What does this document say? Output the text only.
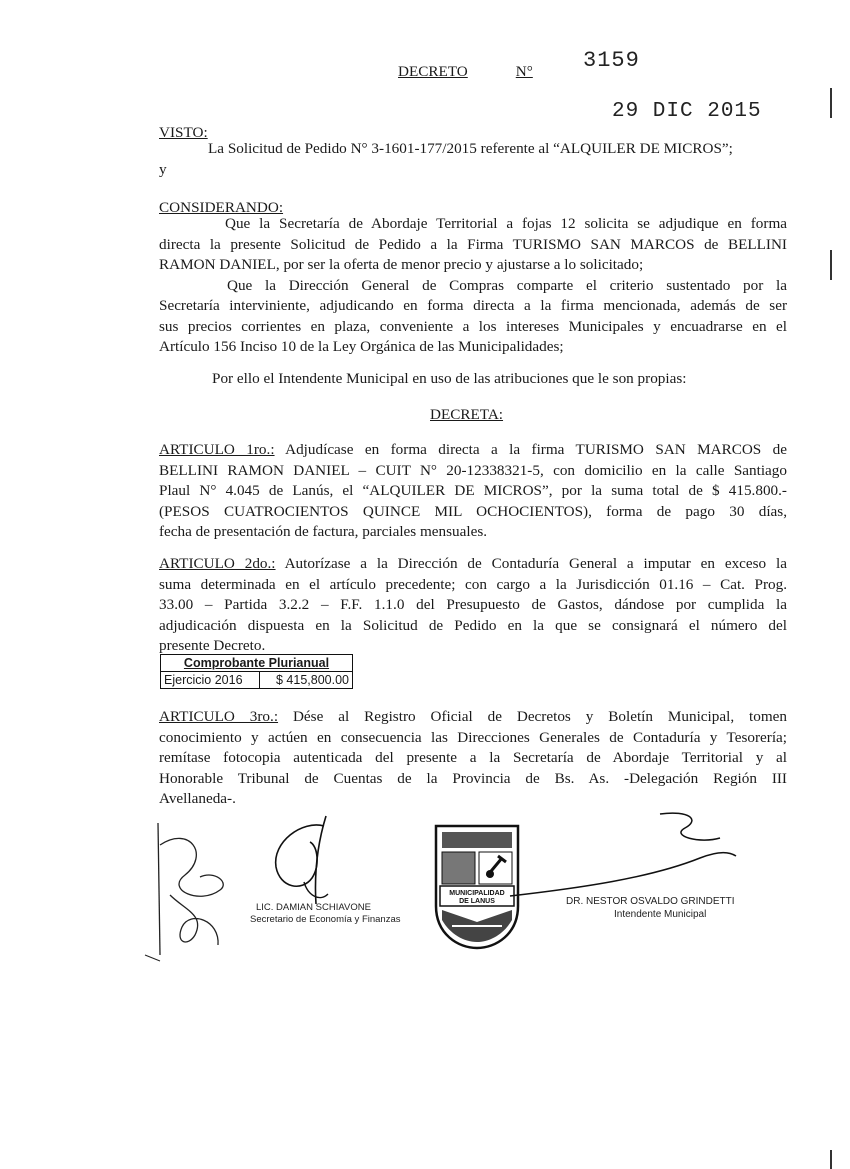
DECRETO	N° 3159
29 DIC 2015
VISTO:
La Solicitud de Pedido N° 3-1601-177/2015 referente al “ALQUILER DE MICROS”;
y
CONSIDERANDO:
Que la Secretaría de Abordaje Territorial a fojas 12 solicita se adjudique en forma
directa la presente Solicitud de Pedido a la Firma TURISMO SAN MARCOS de BELLINI
RAMON DANIEL, por ser la oferta de menor precio y ajustarse a lo solicitado;
Que la Dirección General de Compras comparte el criterio sustentado por la
Secretaría interviniente, adjudicando en forma directa a la firma mencionada, además de ser
sus precios corrientes en plaza, conveniente a los intereses Municipales y encuadrarse en el
Artículo 156 Inciso 10 de la Ley Orgánica de las Municipalidades;
Por ello el Intendente Municipal en uso de las atribuciones que le son propias:
DECRETA:
ARTICULO 1ro.: Adjudícase en forma directa a la firma TURISMO SAN MARCOS de
BELLINI RAMON DANIEL – CUIT N° 20-12338321-5, con domicilio en la calle Santiago
Plaul N° 4.045 de Lanús, el “ALQUILER DE MICROS”, por la suma total de $ 415.800.-
(PESOS CUATROCIENTOS QUINCE MIL OCHOCIENTOS), forma de pago 30 días,
fecha de presentación de factura, parciales mensuales.
ARTICULO 2do.: Autorízase a la Dirección de Contaduría General a imputar en exceso la
suma determinada en el artículo precedente; con cargo a la Jurisdicción 01.16 – Cat. Prog.
33.00 – Partida 3.2.2 – F.F. 1.1.0 del Presupuesto de Gastos, dándose por cumplida la
adjudicación dispuesta en la Solicitud de Pedido en la que se consignará el número del
presente Decreto.
Comprobante Plurianual
Ejercicio 2016	$ 415,800.00
ARTICULO 3ro.: Dése al Registro Oficial de Decretos y Boletín Municipal, tomen
conocimiento y actúen en consecuencia las Direcciones Generales de Contaduría y Tesorería;
remítase fotocopia autenticada del presente a la Secretaría de Abordaje Territorial y al
Honorable Tribunal de Cuentas de la Provincia de Bs. As. -Delegación Región III
Avellaneda-.
LIC. DAMIAN SCHIAVONE
Secretario de Economía y Finanzas
MUNICIPALIDAD
DE LANUS	DR. NESTOR OSVALDO GRINDETTI
Intendente Municipal
